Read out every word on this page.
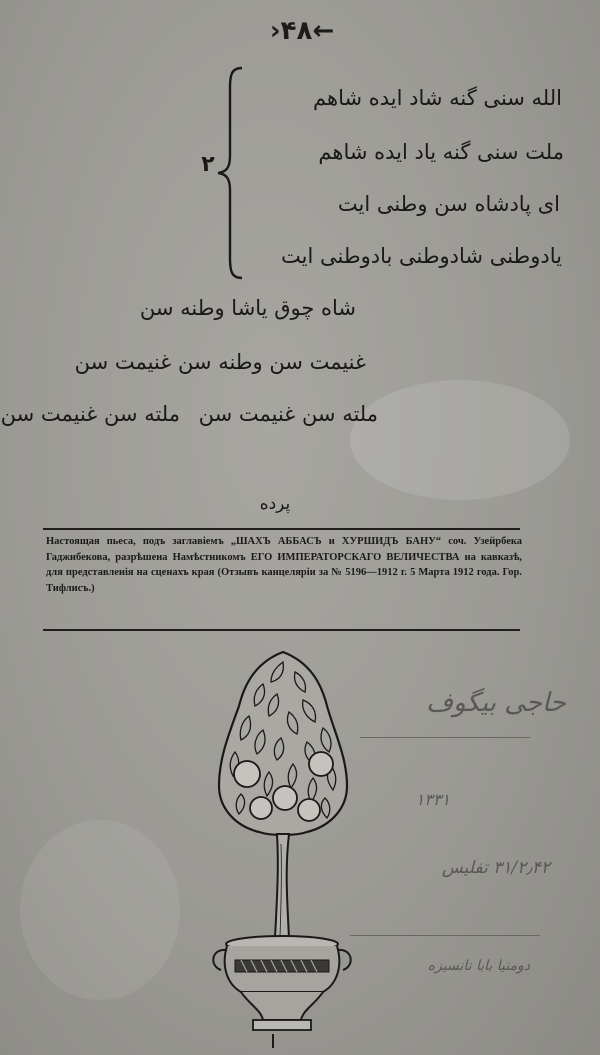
←۴۸‹
۲
الله سنی گنه شاد ایده شاهم
ملت سنی گنه یاد ایده شاهم
ای پادشاه سن وطنی ایت
یادوطنی شادوطنی بادوطنی ایت
شاه چوق یاشا وطنه سن
غنیمت سن وطنه سن غنیمت سن
ملته سن غنیمت سن
ملته سن غنیمت سن
پرده
Настоящая пьеса, подъ заглавіемъ „ШАХЪ АББАСЪ и ХУРШИДЪ БАНУ“ соч. Узейрбека Гаджибекова, разрѣшена Намѣстникомъ ЕГО ИМПЕРАТОРСКАГО ВЕЛИЧЕСТВА на кавказѣ, для представленія на сценахъ края (Отзывъ канцеляріи за № 5196—1912 г. 5 Марта 1912 года. Гор. Тифлисъ.)
حاجی بیگوف
۱۳۳۱
۳۱/۲٫۴۲ تفلیس
دومنیا بابا نانسیزه
